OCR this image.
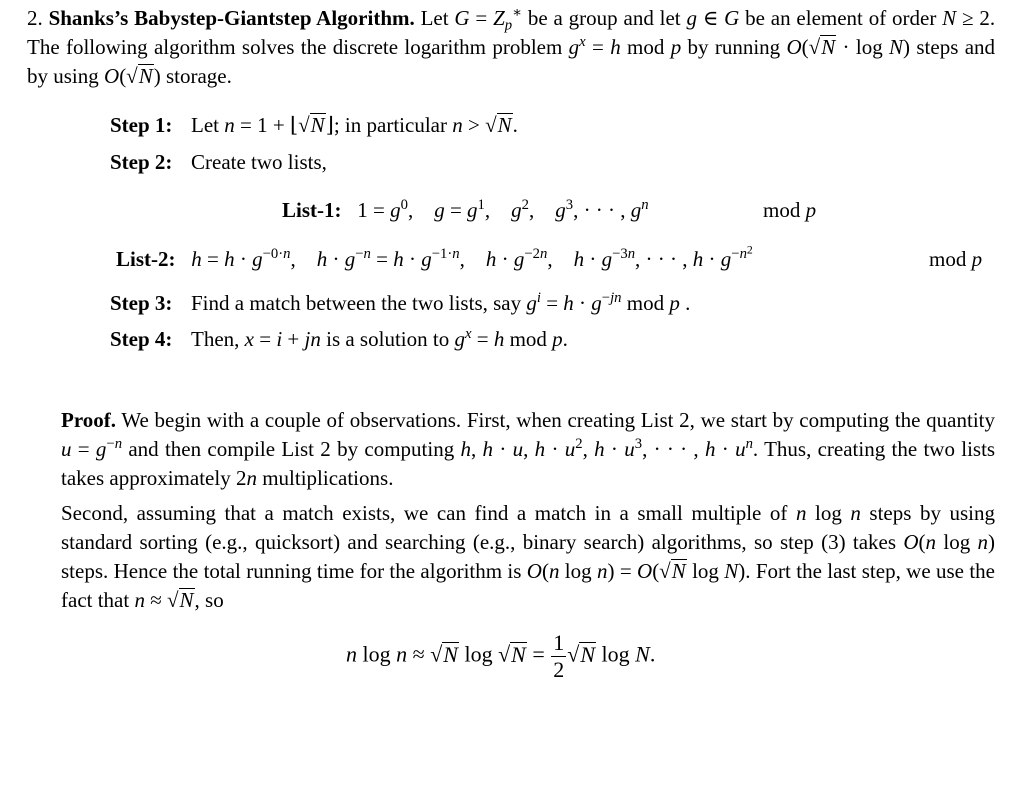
2. Shanks’s Babystep-Giantstep Algorithm. Let $G = Z_p^∗$ be a group and let g ∈ G be an element of order N ≥ 2. The following algorithm solves the discrete logarithm problem $g^x = h$ mod p by running O(√N · log N) steps and by using O(√N) storage.
Step 1: Let n = 1 + ⌊√N⌋; in particular n > √N.
Step 2: Create two lists,
List-1:   $1 = g^0$,    $g = g^1$,    $g^2$,    $g^3$, · · · , $g^n$	mod p
List-2: $h = h \cdot g^{-0\cdot n}$,    $h \cdot g^{-n} = h \cdot g^{-1\cdot n}$,    $h \cdot g^{-2n}$,    $h \cdot g^{-3n}$, · · · , $h \cdot g^{-n^2}$	mod p
Step 3: Find a match between the two lists, say $g^i = h \cdot g^{-jn}$ mod p .
Step 4: Then, x = i + jn is a solution to $g^x = h$ mod p.
Proof. We begin with a couple of observations. First, when creating List 2, we start by computing the quantity $u = g^{-n}$ and then compile List 2 by computing h, h · u, $h \cdot u^2$, $h \cdot u^3$, · · · , $h \cdot u^n$. Thus, creating the two lists takes approximately 2n multiplications.
Second, assuming that a match exists, we can find a match in a small multiple of n log n steps by using standard sorting (e.g., quicksort) and searching (e.g., binary search) algorithms, so step (3) takes O(n log n) steps. Hence the total running time for the algorithm is O(n log n) = O(√N log N). Fort the last step, we use the fact that n ≈ √N, so
n log n ≈ √N $\log √N = \frac{1}{2} √N$ log N.
